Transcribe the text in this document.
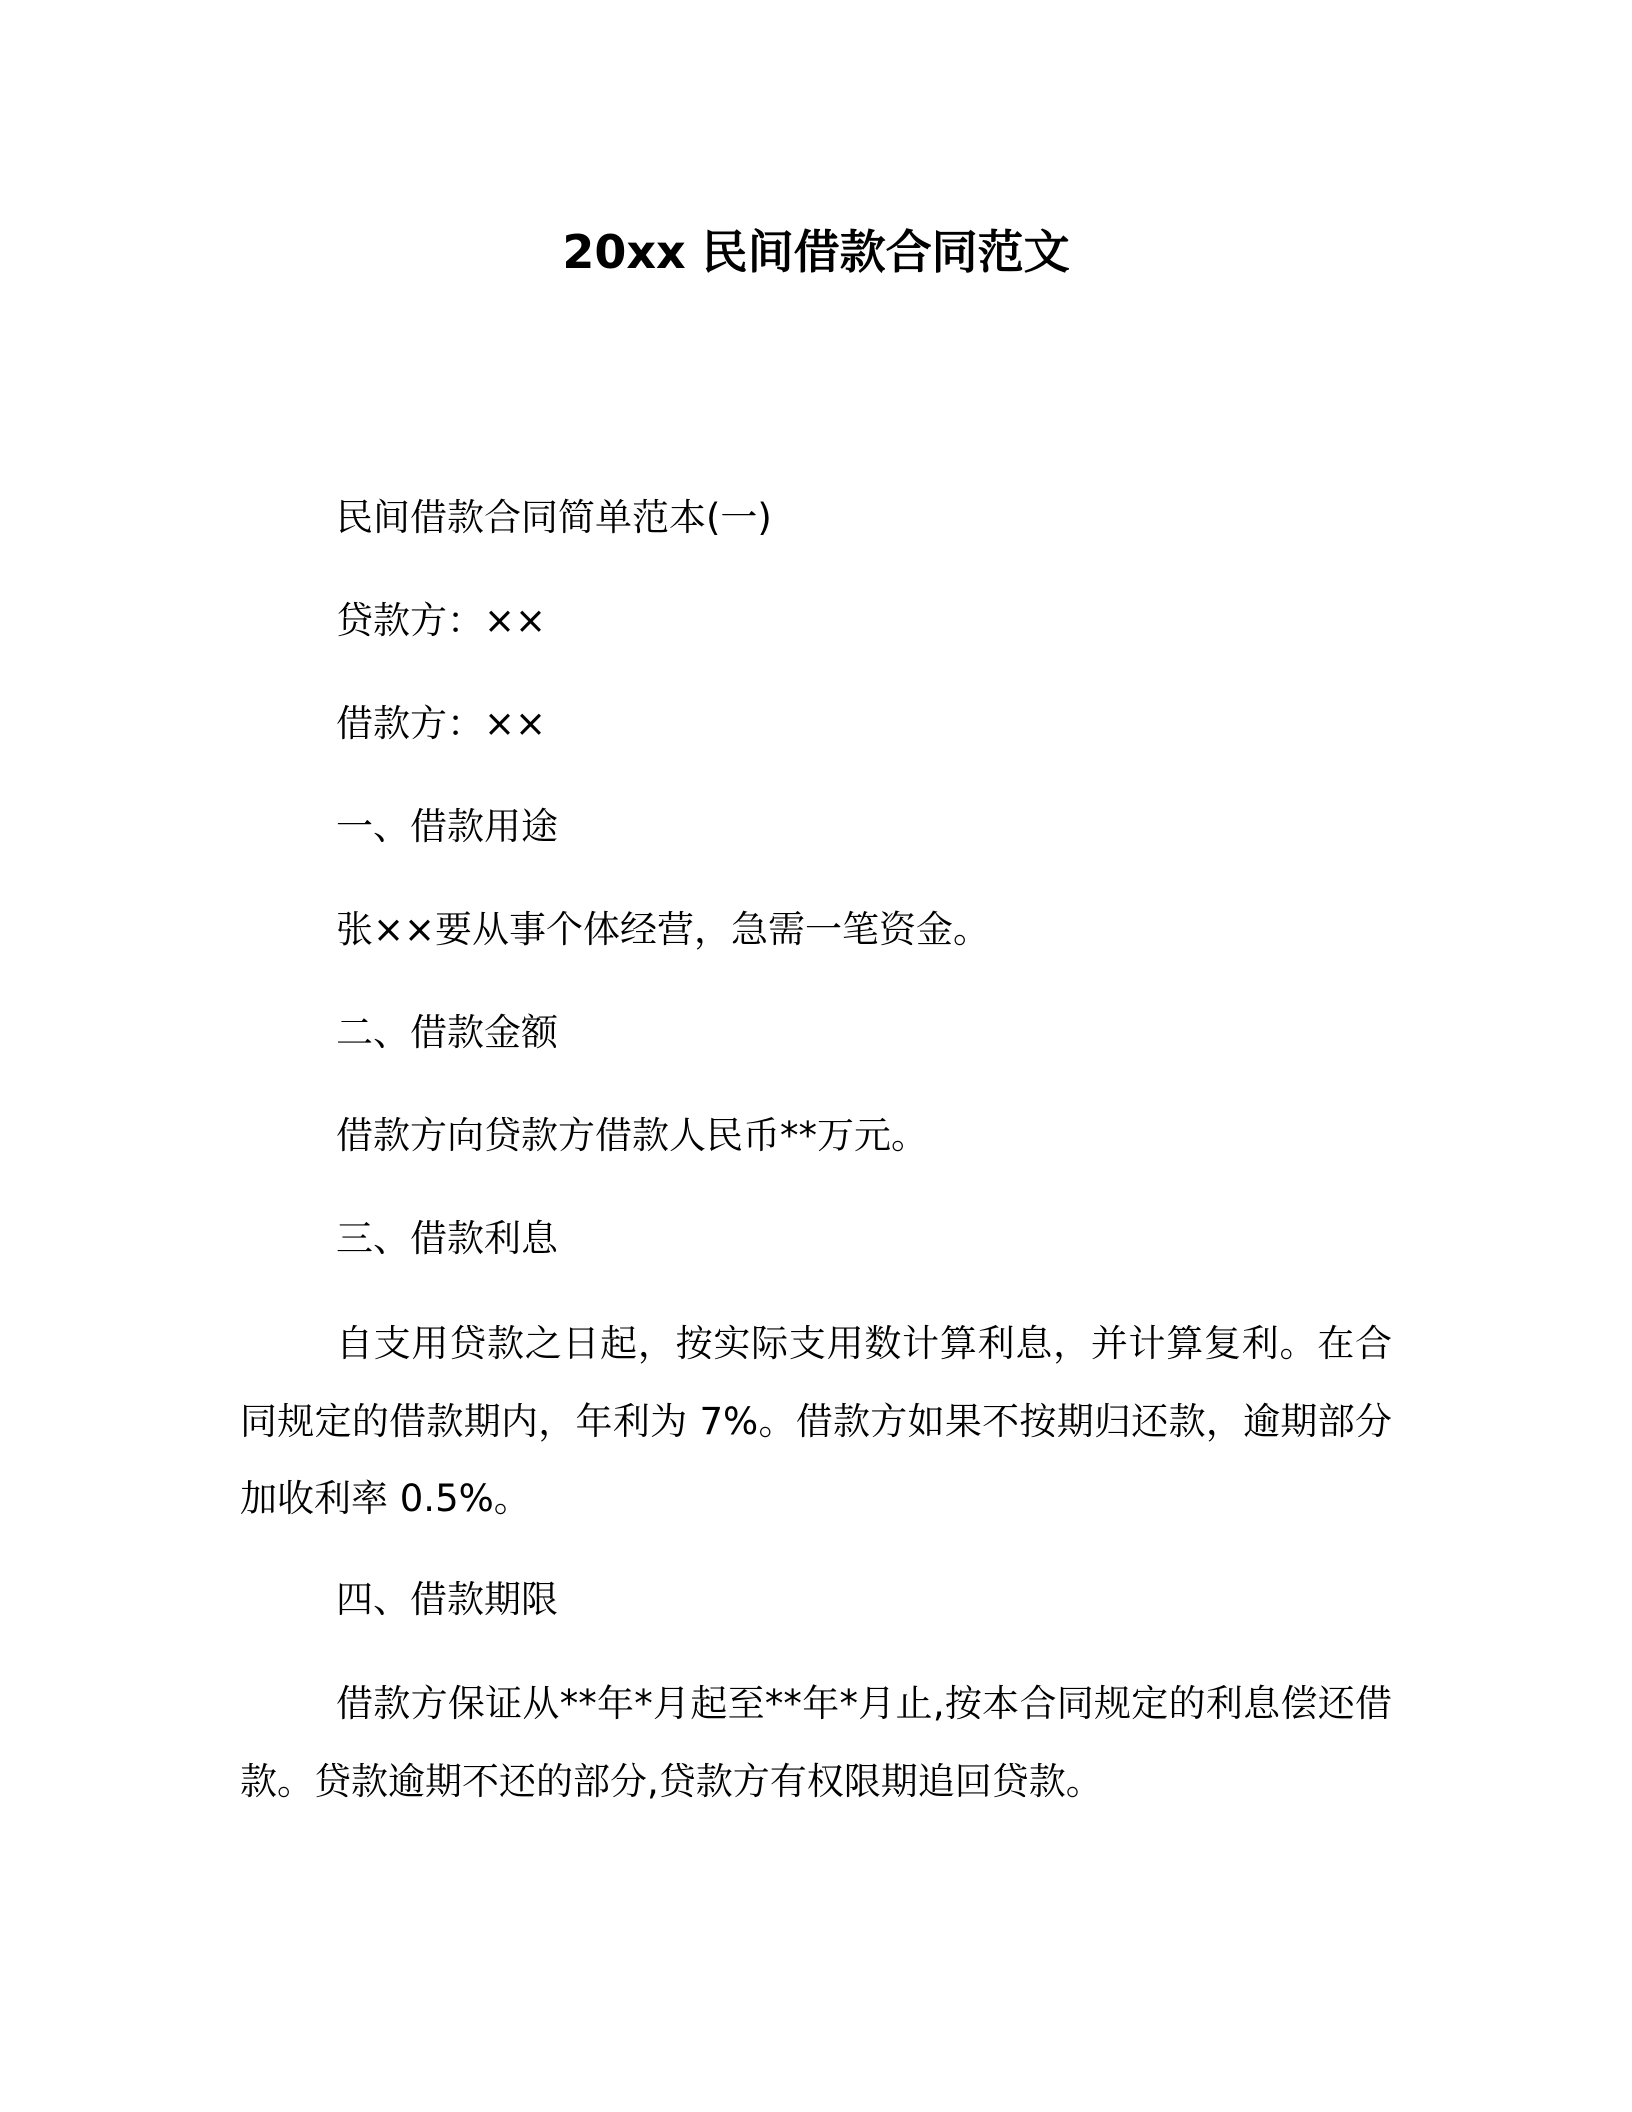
20xx 民间借款合同范文
民间借款合同简单范本(一)
贷款方：××
借款方：××
一、借款用途
张××要从事个体经营，急需一笔资金。
二、借款金额
借款方向贷款方借款人民币**万元。
三、借款利息
自支用贷款之日起，按实际支用数计算利息，并计算复利。在合同规定的借款期内，年利为 7%。借款方如果不按期归还款，逾期部分加收利率 0.5%。
四、借款期限
借款方保证从**年*月起至**年*月止,按本合同规定的利息偿还借款。贷款逾期不还的部分,贷款方有权限期追回贷款。
